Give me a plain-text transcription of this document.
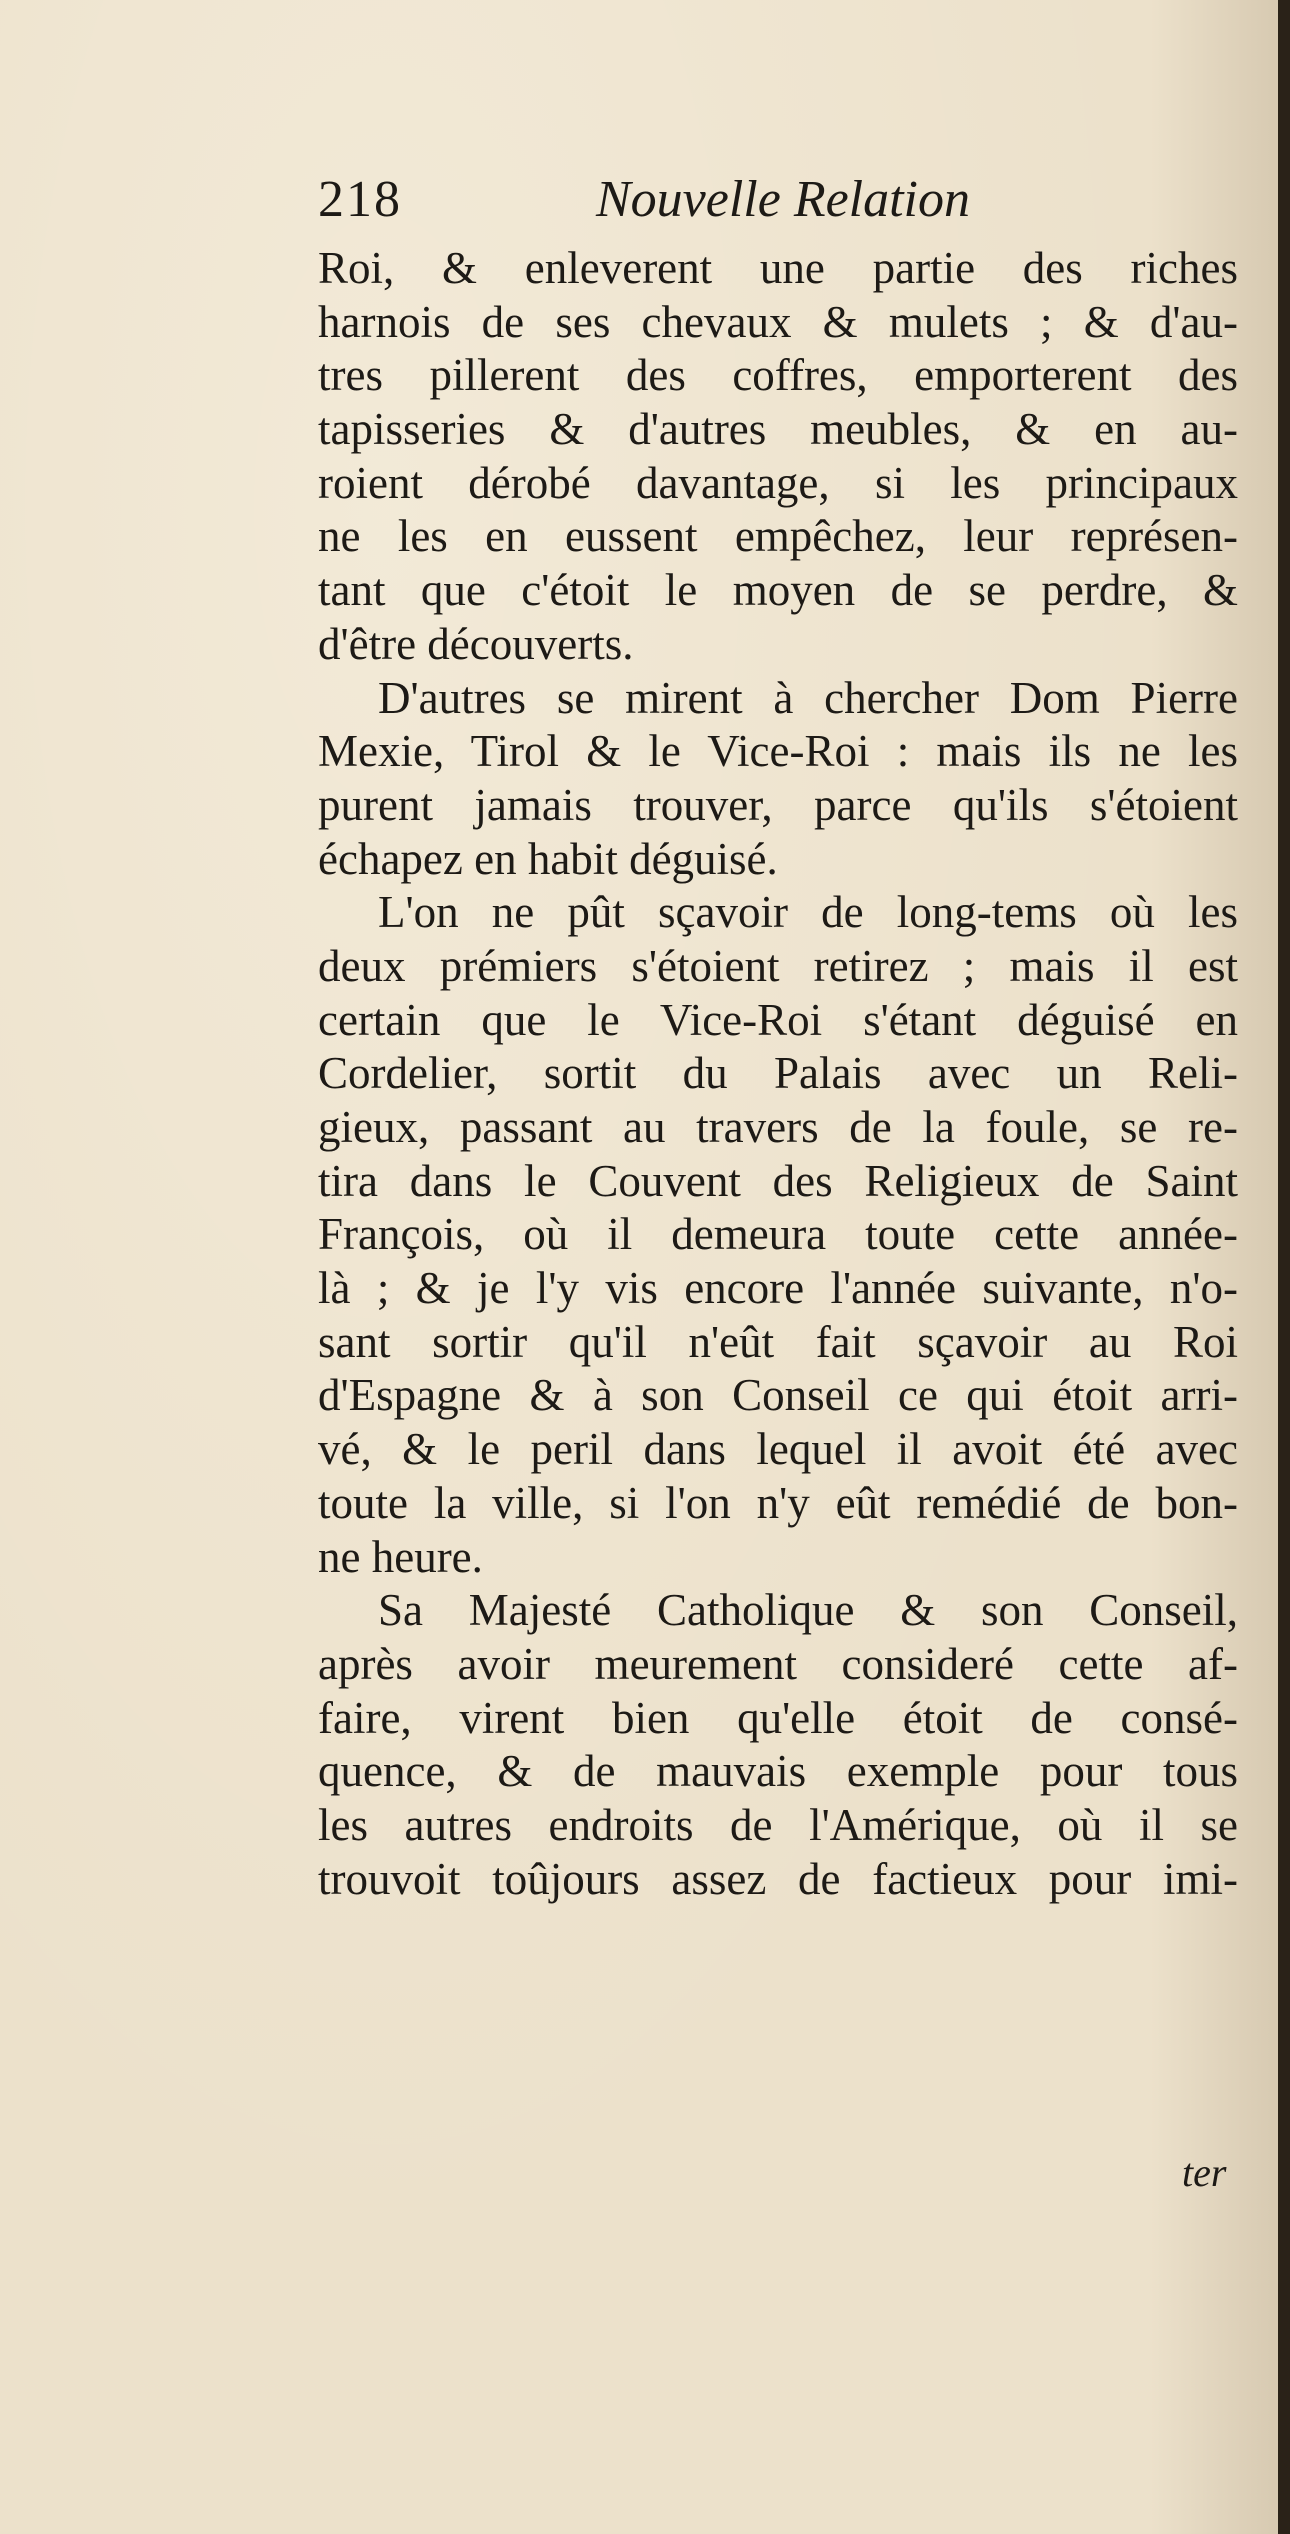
218	Nouvelle Relation
Roi, & enleverent une partie des riches
harnois de ses chevaux & mulets ; & d'au-
tres pillerent des coffres, emporterent des
tapisseries & d'autres meubles, & en au-
roient dérobé davantage, si les principaux
ne les en eussent empêchez, leur représen-
tant que c'étoit le moyen de se perdre, &
d'être découverts.
D'autres se mirent à chercher Dom Pierre
Mexie, Tirol & le Vice-Roi : mais ils ne les
purent jamais trouver, parce qu'ils s'étoient
échapez en habit déguisé.
L'on ne pût sçavoir de long-tems où les
deux prémiers s'étoient retirez ; mais il est
certain que le Vice-Roi s'étant déguisé en
Cordelier, sortit du Palais avec un Reli-
gieux, passant au travers de la foule, se re-
tira dans le Couvent des Religieux de Saint
François, où il demeura toute cette année-
là ; & je l'y vis encore l'année suivante, n'o-
sant sortir qu'il n'eût fait sçavoir au Roi
d'Espagne & à son Conseil ce qui étoit arri-
vé, & le peril dans lequel il avoit été avec
toute la ville, si l'on n'y eût remédié de bon-
ne heure.
Sa Majesté Catholique & son Conseil,
après avoir meurement consideré cette af-
faire, virent bien qu'elle étoit de consé-
quence, & de mauvais exemple pour tous
les autres endroits de l'Amérique, où il se
trouvoit toûjours assez de factieux pour imi-
ter
